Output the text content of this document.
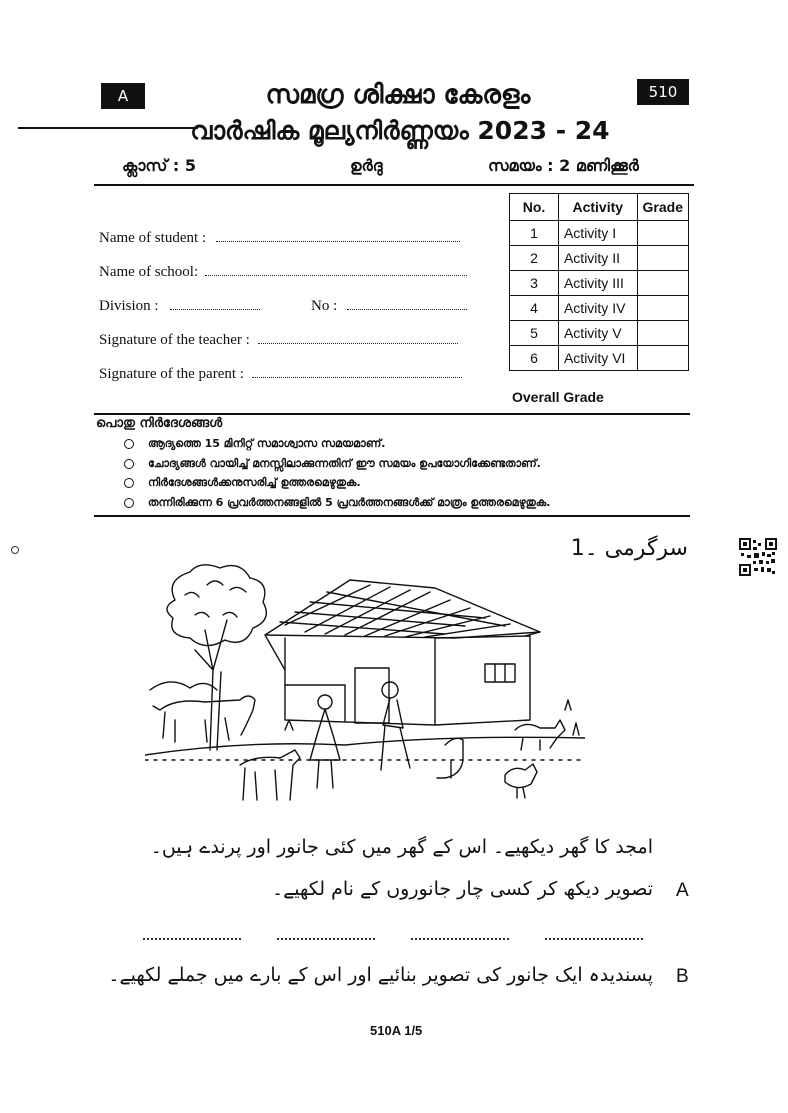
A	510
സമഗ്ര ശിക്ഷാ കേരളം
വാർഷിക മൂല്യനിർണ്ണയം 2023 - 24
ക്ലാസ് : 5	ഉർദു	സമയം : 2 മണിക്കൂർ
Name of student :
Name of school:
Division :	No :
Signature of the teacher :
Signature of the parent :
No.	Activity	Grade
1	Activity I	
2	Activity II	
3	Activity III	
4	Activity IV	
5	Activity V	
6	Activity VI	
Overall Grade
പൊതു നിർദേശങ്ങൾ
ആദ്യത്തെ 15 മിനിറ്റ് സമാശ്വാസ സമയമാണ്.
ചോദ്യങ്ങൾ വായിച്ച് മനസ്സിലാക്കുന്നതിന് ഈ സമയം ഉപയോഗിക്കേണ്ടതാണ്.
നിർദേശങ്ങൾക്കനുസരിച്ച് ഉത്തരമെഴുതുക.
തന്നിരിക്കുന്ന 6 പ്രവർത്തനങ്ങളിൽ 5 പ്രവർത്തനങ്ങൾക്ക് മാത്രം ഉത്തരമെഴുതുക.
سرگرمی ۔1
امجد کا گھر دیکھیے۔ اس کے گھر میں کئی جانور اور پرندے ہیں۔
A
تصویر دیکھ کر کسی چار جانوروں کے نام لکھیے۔
B
پسندیدہ ایک جانور کی تصویر بنائیے اور اس کے بارے میں جملے لکھیے۔
510A 1/5
